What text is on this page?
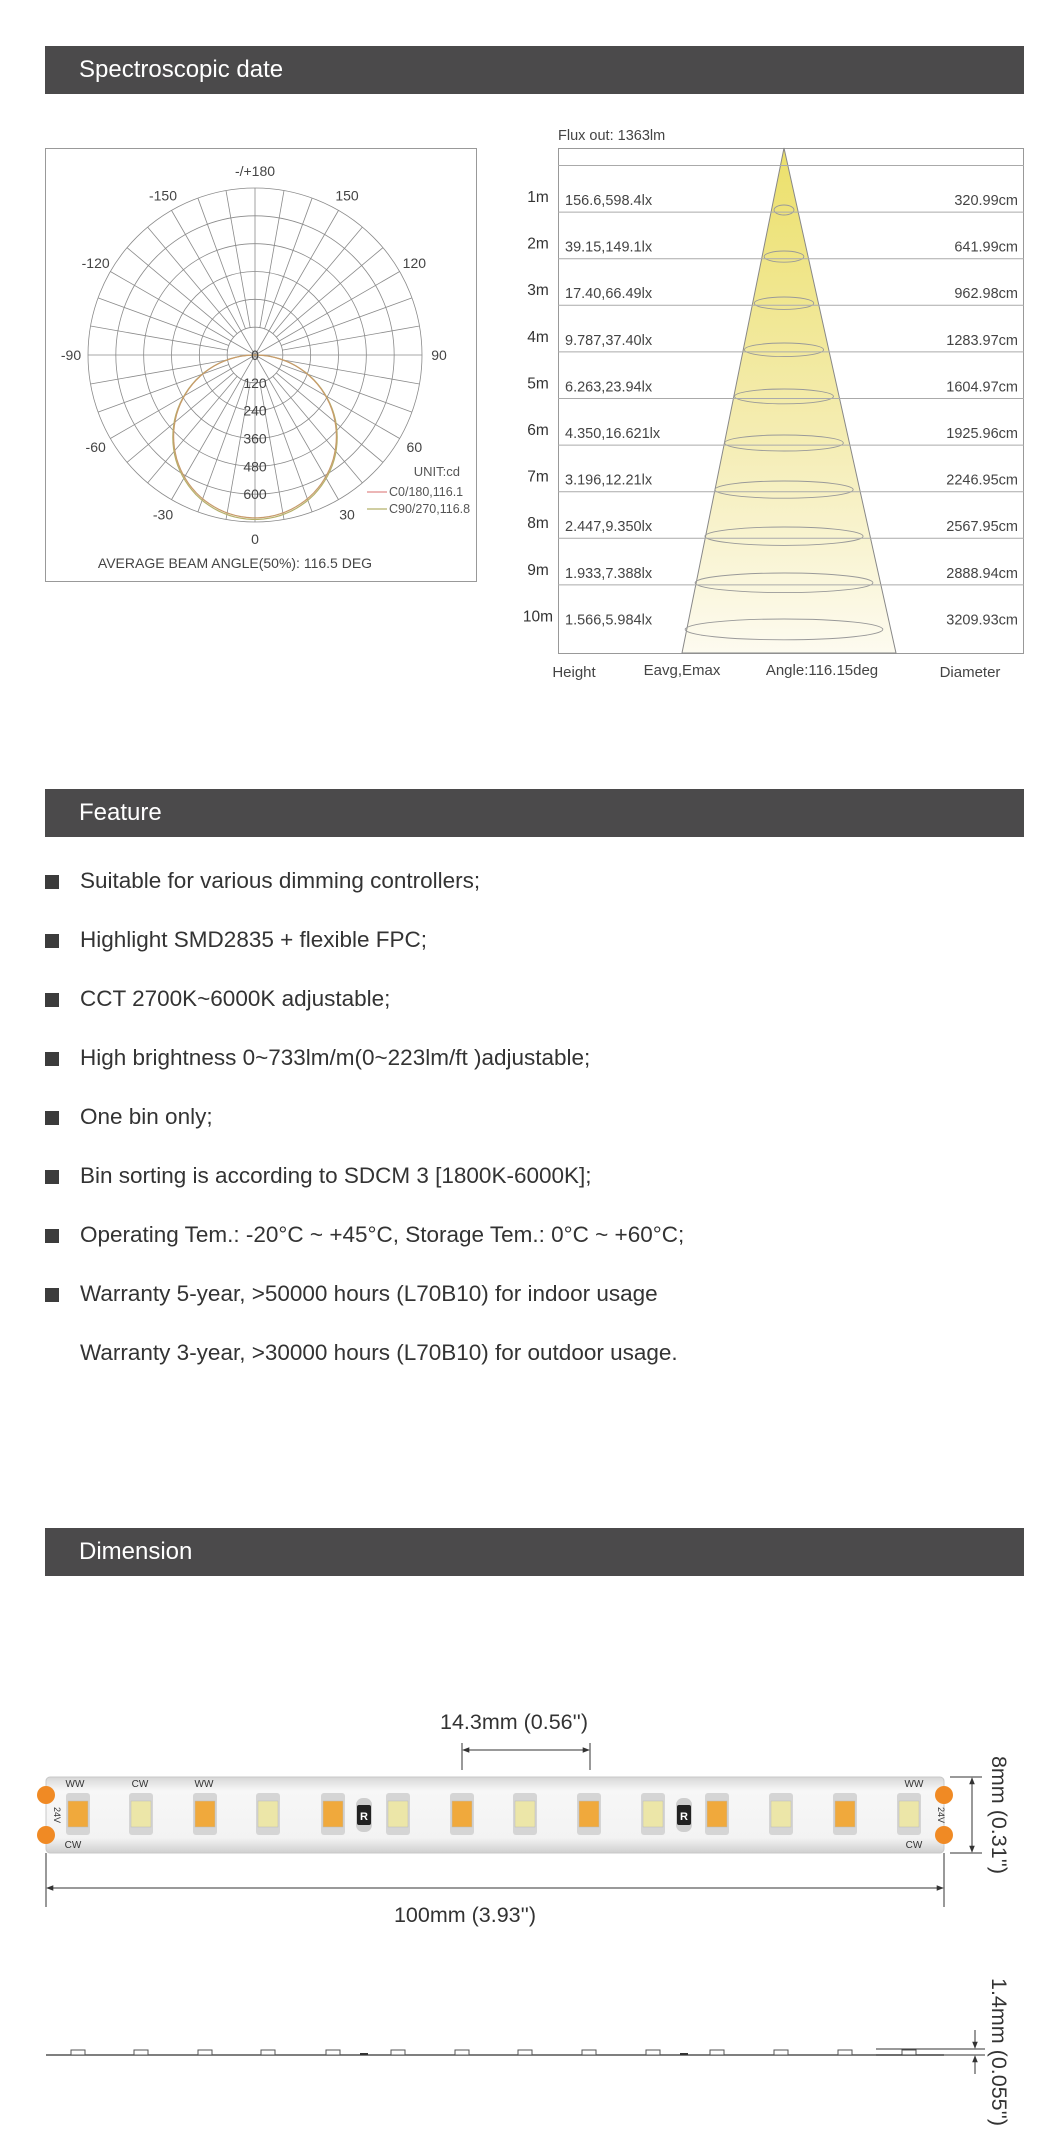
Spectroscopic date
-/+180
-150	150
-120	120
-90	90
-60	60
-30	30
0
0
120
240
360
480
600
UNIT:cd
C0/180,116.1
C90/270,116.8
AVERAGE BEAM ANGLE(50%): 116.5 DEG
Flux out: 1363lm
1m 156.6,598.4lx	320.99cm
2m 39.15,149.1lx	641.99cm
3m 17.40,66.49lx	962.98cm
4m 9.787,37.40lx	1283.97cm
5m 6.263,23.94lx	1604.97cm
6m 4.350,16.621lx	1925.96cm
7m 3.196,12.21lx	2246.95cm
8m 2.447,9.350lx	2567.95cm
9m 1.933,7.388lx	2888.94cm
10m 1.566,5.984lx	3209.93cm
Height	Eavg,Emax	Angle:116.15deg	Diameter
Feature
Suitable for various dimming controllers;
Highlight SMD2835 + flexible FPC;
CCT 2700K~6000K adjustable;
High brightness 0~733lm/m(0~223lm/ft )adjustable;
One bin only;
Bin sorting is according to SDCM 3 [1800K-6000K];
Operating Tem.: -20°C ~ +45°C, Storage Tem.: 0°C ~ +60°C;
Warranty 5-year, >50000 hours (L70B10) for indoor usage
Warranty 3-year, >30000 hours (L70B10) for outdoor usage.
Dimension
14.3mm (0.56'')
R	R
24V	24V
WW	CW	WW
CW
WW
CW	8mm (0.31'')
100mm (3.93'')
1.4mm (0.055'')
